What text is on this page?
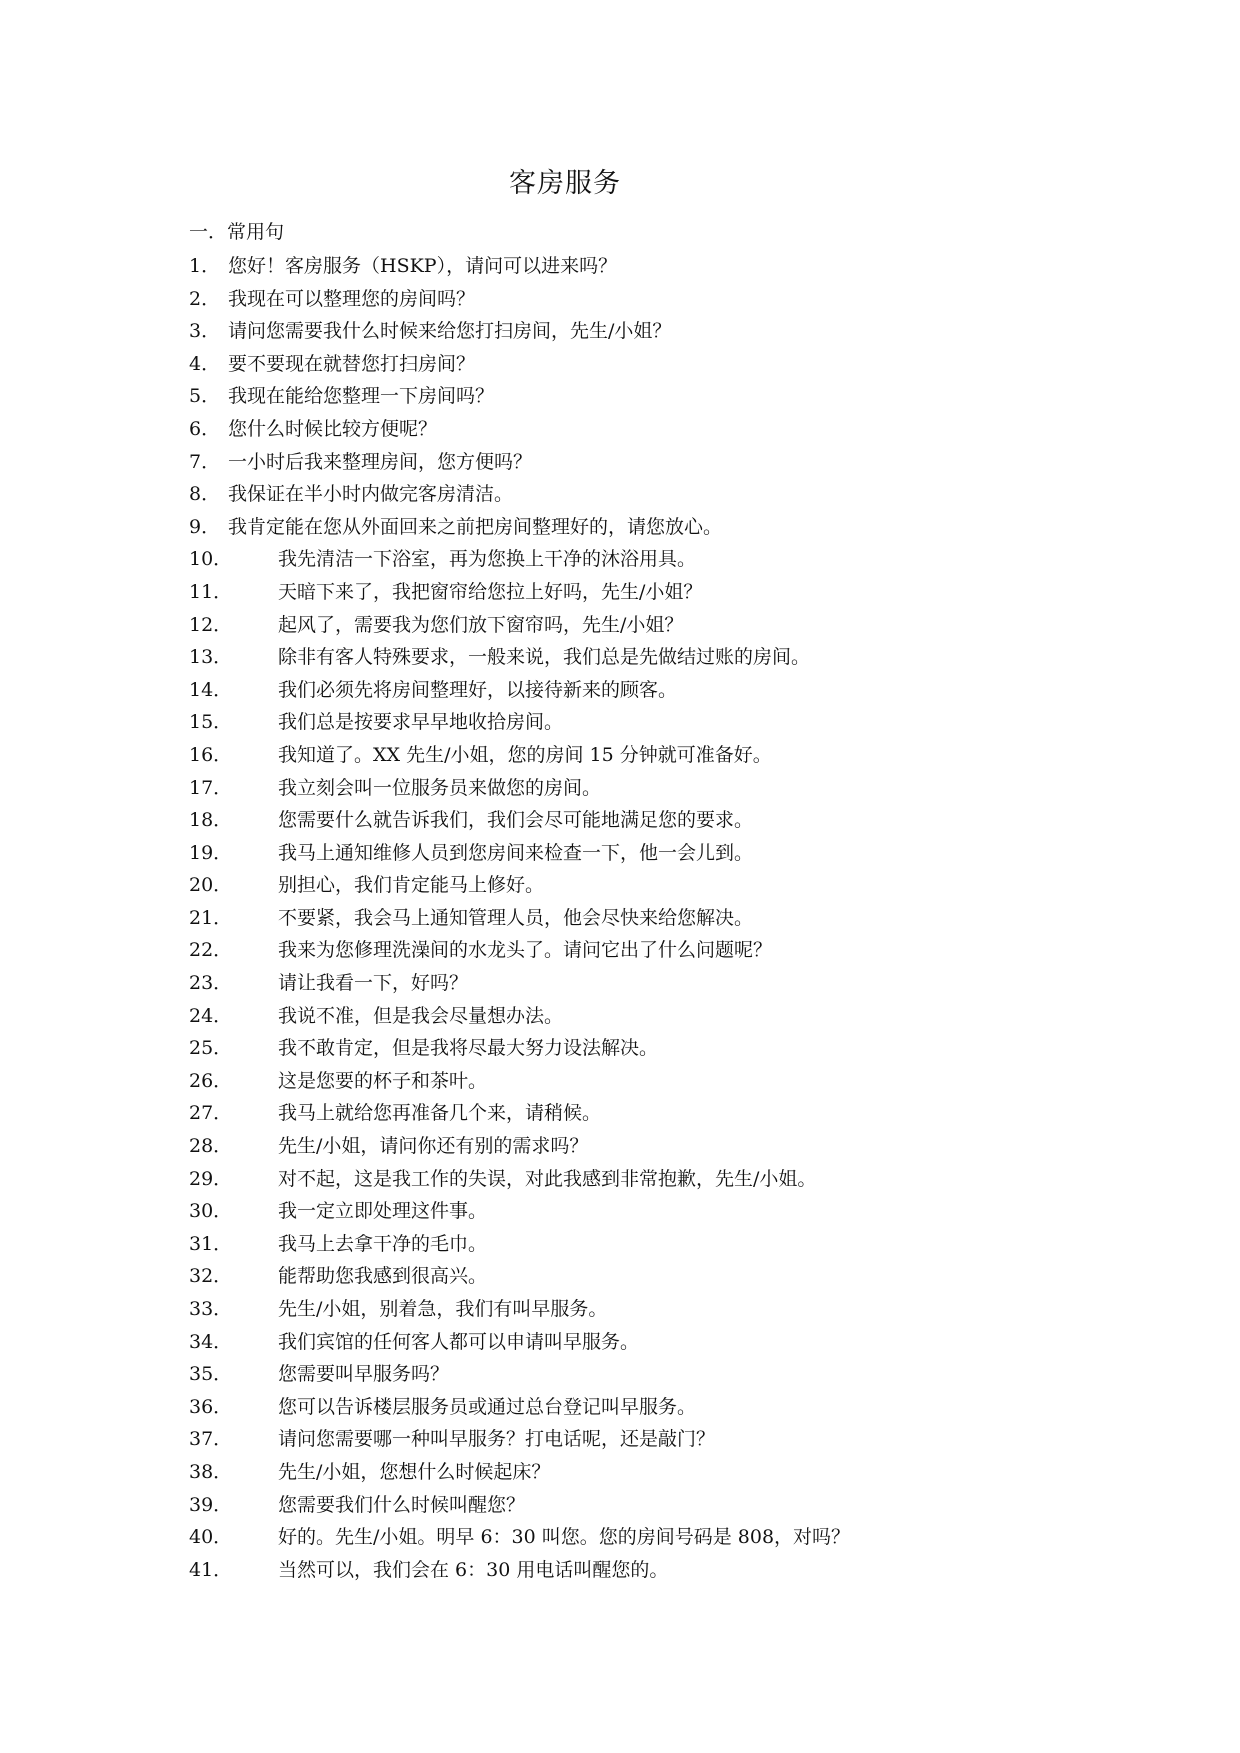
客房服务
一．常用句
1． 您好！客房服务（HSKP），请问可以进来吗？
2． 我现在可以整理您的房间吗？
3． 请问您需要我什么时候来给您打扫房间，先生/小姐？
4． 要不要现在就替您打扫房间？
5． 我现在能给您整理一下房间吗？
6． 您什么时候比较方便呢？
7． 一小时后我来整理房间，您方便吗？
8． 我保证在半小时内做完客房清洁。
9． 我肯定能在您从外面回来之前把房间整理好的，请您放心。
10．	我先清洁一下浴室，再为您换上干净的沐浴用具。
11．	天暗下来了，我把窗帘给您拉上好吗，先生/小姐？
12．	起风了，需要我为您们放下窗帘吗，先生/小姐？
13．	除非有客人特殊要求，一般来说，我们总是先做结过账的房间。
14．	我们必须先将房间整理好，以接待新来的顾客。
15．	我们总是按要求早早地收拾房间。
16．	我知道了。XX 先生/小姐，您的房间 15 分钟就可准备好。
17．	我立刻会叫一位服务员来做您的房间。
18．	您需要什么就告诉我们，我们会尽可能地满足您的要求。
19．	我马上通知维修人员到您房间来检查一下，他一会儿到。
20．	别担心，我们肯定能马上修好。
21．	不要紧，我会马上通知管理人员，他会尽快来给您解决。
22．	我来为您修理洗澡间的水龙头了。请问它出了什么问题呢？
23．	请让我看一下，好吗？
24．	我说不准，但是我会尽量想办法。
25．	我不敢肯定，但是我将尽最大努力设法解决。
26．	这是您要的杯子和茶叶。
27．	我马上就给您再准备几个来，请稍候。
28．	先生/小姐，请问你还有别的需求吗？
29．	对不起，这是我工作的失误，对此我感到非常抱歉，先生/小姐。
30．	我一定立即处理这件事。
31．	我马上去拿干净的毛巾。
32．	能帮助您我感到很高兴。
33．	先生/小姐，别着急，我们有叫早服务。
34．	我们宾馆的任何客人都可以申请叫早服务。
35．	您需要叫早服务吗？
36．	您可以告诉楼层服务员或通过总台登记叫早服务。
37．	请问您需要哪一种叫早服务？打电话呢，还是敲门？
38．	先生/小姐，您想什么时候起床？
39．	您需要我们什么时候叫醒您？
40．	好的。先生/小姐。明早 6：30 叫您。您的房间号码是 808，对吗？
41．	当然可以，我们会在 6：30 用电话叫醒您的。
